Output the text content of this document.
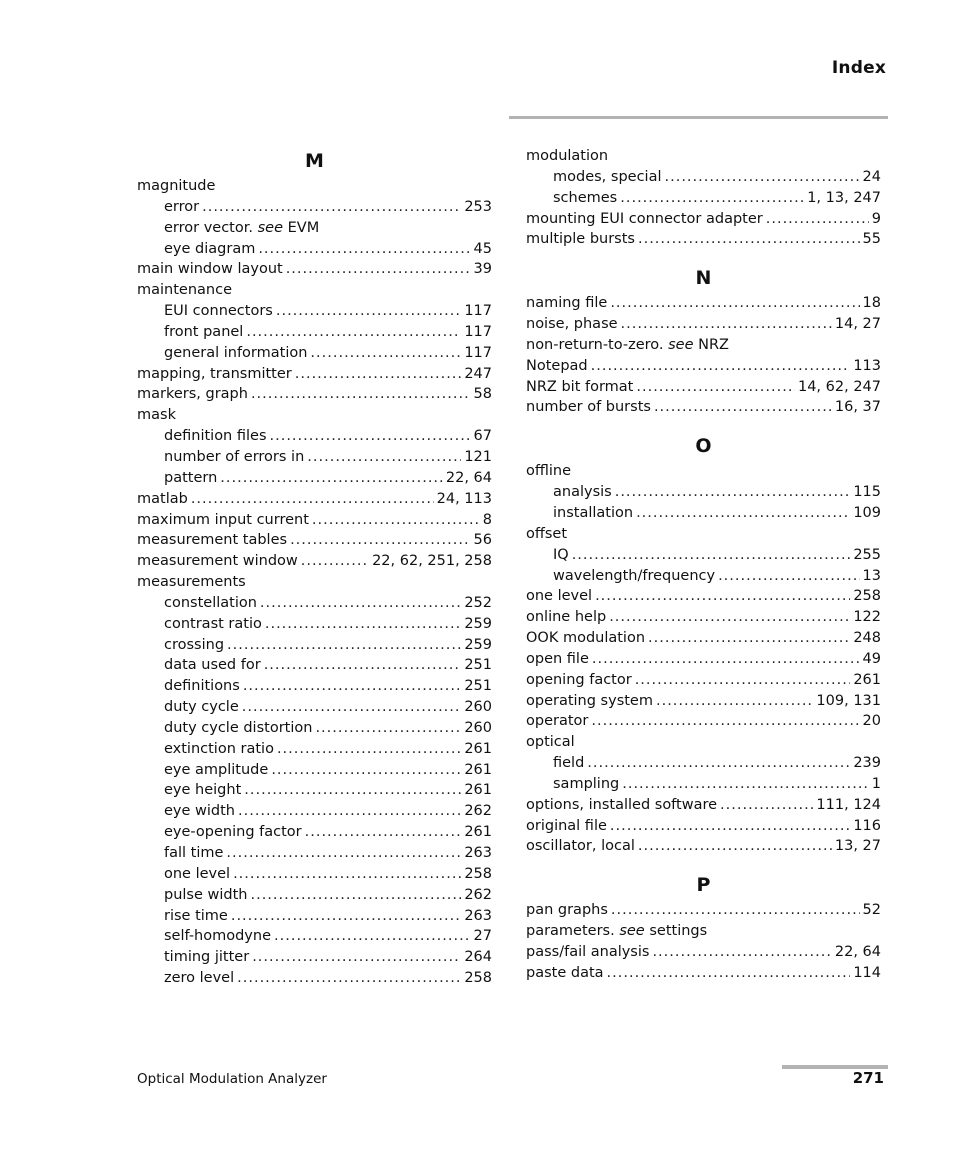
Index
M
magnitude
error .....	253
error vector.
see
EVM
eye diagram .....	45
main window layout .....	39
maintenance
EUI connectors .....	117
front panel .....	117
general information .....	117
mapping, transmitter .....	247
markers, graph .....	58
mask
definition files .....	67
number of errors in .....	121
pattern .....	22, 64
matlab .....	24, 113
maximum input current .....	8
measurement tables .....	56
measurement window .....	22, 62, 251, 258
measurements
constellation .....	252
contrast ratio .....	259
crossing .....	259
data used for .....	251
definitions .....	251
duty cycle .....	260
duty cycle distortion .....	260
extinction ratio .....	261
eye amplitude .....	261
eye height .....	261
eye width .....	262
eye-opening factor .....	261
fall time .....	263
one level .....	258
pulse width .....	262
rise time .....	263
self-homodyne .....	27
timing jitter .....	264
zero level .....	258
modulation
modes, special .....	24
schemes .....	1, 13, 247
mounting EUI connector adapter .....	9
multiple bursts .....	55
N
naming file .....	18
noise, phase .....	14, 27
non-return-to-zero.
see
NRZ
Notepad .....	113
NRZ bit format .....	14, 62, 247
number of bursts .....	16, 37
O
offline
analysis .....	115
installation .....	109
offset
IQ .....	255
wavelength/frequency .....	13
one level .....	258
online help .....	122
OOK modulation .....	248
open file .....	49
opening factor .....	261
operating system .....	109, 131
operator .....	20
optical
field .....	239
sampling .....	1
options, installed software .....	111, 124
original file .....	116
oscillator, local .....	13, 27
P
pan graphs .....	52
parameters.
see
settings
pass/fail analysis .....	22, 64
paste data .....	114
Optical Modulation Analyzer	271
